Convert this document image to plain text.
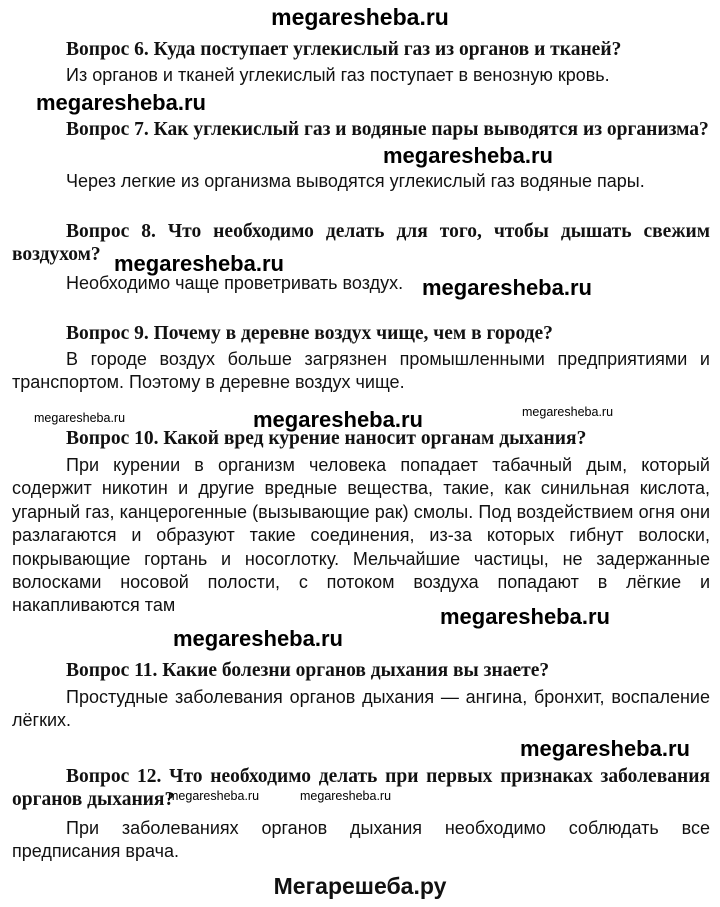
megaresheba.ru
Вопрос 6. Куда поступает углекислый газ из органов и тканей?
Из органов и тканей углекислый газ поступает в венозную кровь.
megaresheba.ru
Вопрос 7. Как углекислый газ и водяные пары выводятся из организма?
megaresheba.ru
Через легкие из организма выводятся углекислый газ водяные пары.
Вопрос 8. Что необходимо делать для того, чтобы дышать свежим воздухом? megaresheba.ru
Необходимо чаще проветривать воздух. megaresheba.ru
Вопрос 9. Почему в деревне воздух чище, чем в городе?
В городе воздух больше загрязнен промышленными предприятиями и транспортом. Поэтому в деревне воздух чище.
megaresheba.ru	megaresheba.ru	megaresheba.ru
Вопрос 10. Какой вред курение наносит органам дыхания?
При курении в организм человека попадает табачный дым, который содержит никотин и другие вредные вещества, такие, как синильная кислота, угарный газ, канцерогенные (вызывающие рак) смолы. Под воздействием огня они разлагаются и образуют такие соединения, из-за которых гибнут волоски, покрывающие гортань и носоглотку. Мельчайшие частицы, не задержанные волосками носовой полости, с потоком воздуха попадают в лёгкие и накапливаются там	megaresheba.ru
megaresheba.ru
Вопрос 11. Какие болезни органов дыхания вы знаете?
Простудные заболевания органов дыхания — ангина, бронхит, воспаление лёгких.
megaresheba.ru
Вопрос 12. Что необходимо делать при первых признаках заболевания органов дыхания?
megaresheba.ru	megaresheba.ru
При заболеваниях органов дыхания необходимо соблюдать все предписания врача.
Мегарешеба.ру
